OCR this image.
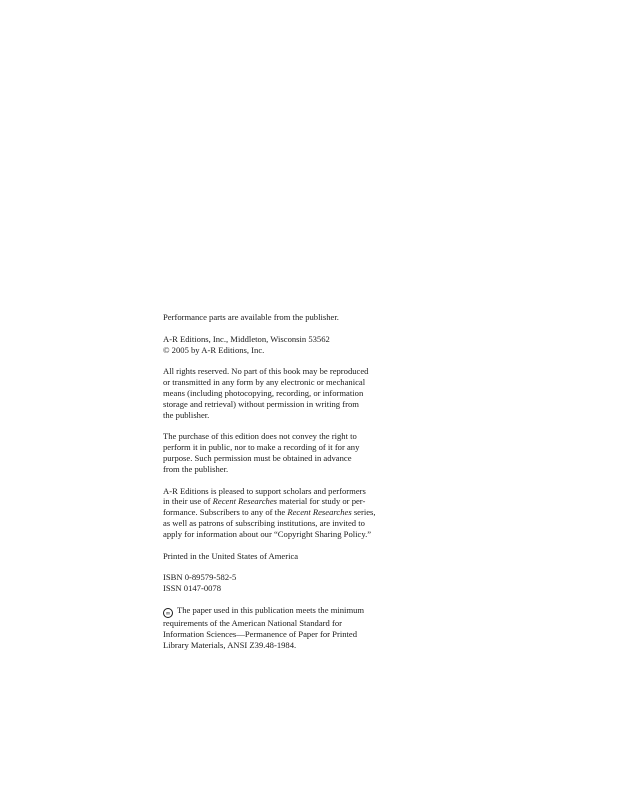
Performance parts are available from the publisher.

A-R Editions, Inc., Middleton, Wisconsin 53562
© 2005 by A-R Editions, Inc.

All rights reserved. No part of this book may be reproduced
or transmitted in any form by any electronic or mechanical
means (including photocopying, recording, or information
storage and retrieval) without permission in writing from
the publisher.

The purchase of this edition does not convey the right to
perform it in public, nor to make a recording of it for any
purpose. Such permission must be obtained in advance
from the publisher.

A-R Editions is pleased to support scholars and performers
in their use of Recent Researches material for study or per-
formance. Subscribers to any of the Recent Researches series,
as well as patrons of subscribing institutions, are invited to
apply for information about our “Copyright Sharing Policy.”

Printed in the United States of America

ISBN 0-89579-582-5
ISSN 0147-0078

∞ The paper used in this publication meets the minimum
requirements of the American National Standard for
Information Sciences—Permanence of Paper for Printed
Library Materials, ANSI Z39.48-1984.
